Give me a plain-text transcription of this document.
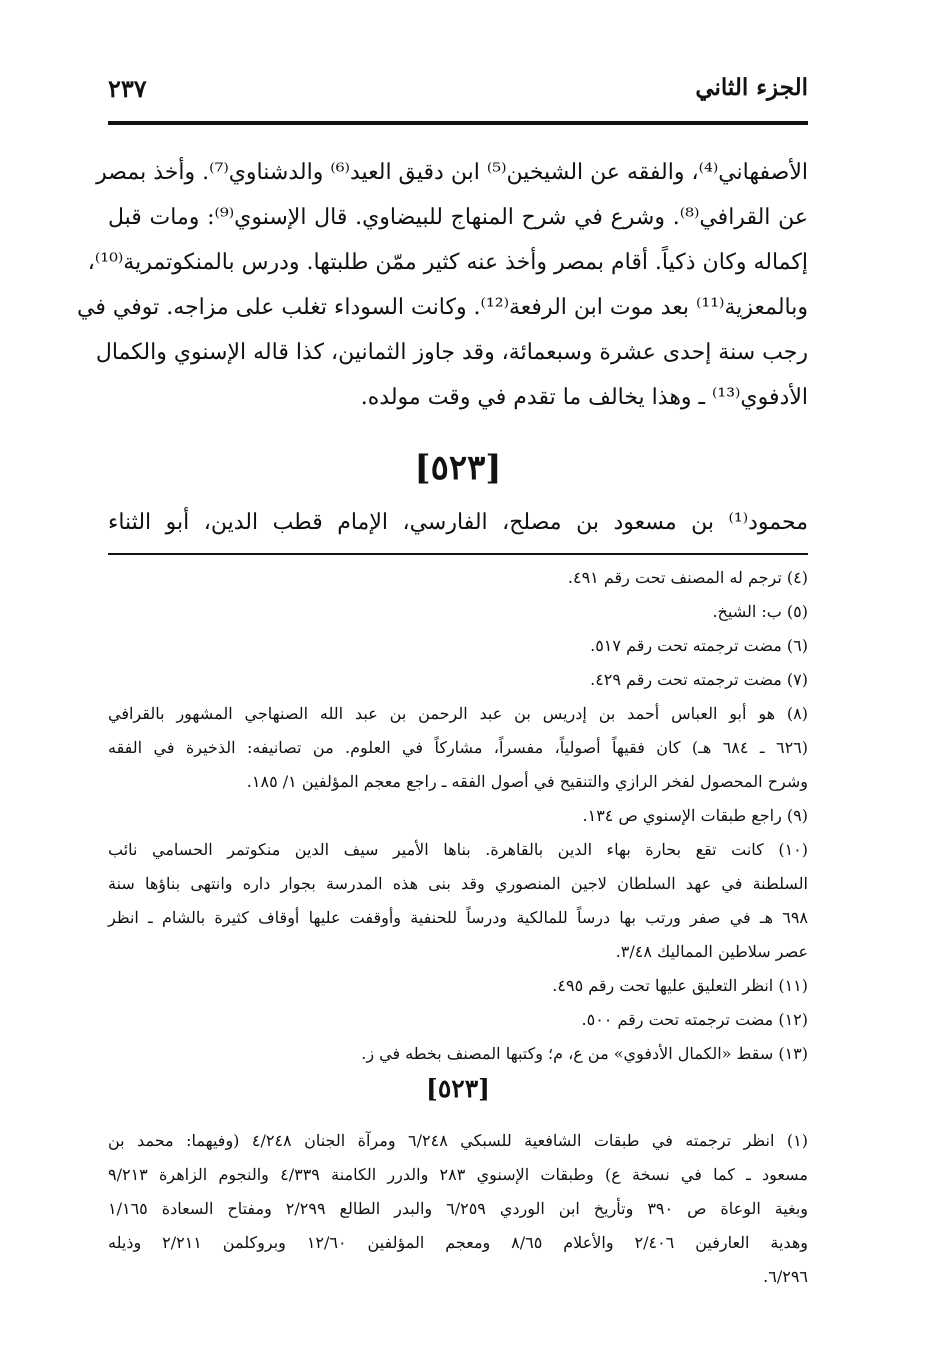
الجزء الثاني
٢٣٧
الأصفهاني⁽⁴⁾، والفقه عن الشيخين⁽⁵⁾ ابن دقيق العيد⁽⁶⁾ والدشناوي⁽⁷⁾. وأخذ بمصر
عن القرافي⁽⁸⁾. وشرع في شرح المنهاج للبيضاوي. قال الإسنوي⁽⁹⁾: ومات قبل
إكماله وكان ذكياً. أقام بمصر وأخذ عنه كثير ممّن طلبتها. ودرس بالمنكوتمرية⁽¹⁰⁾،
وبالمعزية⁽¹¹⁾ بعد موت ابن الرفعة⁽¹²⁾. وكانت السوداء تغلب على مزاجه. توفي في
رجب سنة إحدى عشرة وسبعمائة، وقد جاوز الثمانين، كذا قاله الإسنوي والكمال
الأدفوي⁽¹³⁾ ـ وهذا يخالف ما تقدم في وقت مولده.
[٥٢٣]
محمود⁽¹⁾ بن مسعود بن مصلح، الفارسي، الإمام قطب الدين، أبو الثناء
(٤) ترجم له المصنف تحت رقم ٤٩١.
(٥) ب: الشيخ.
(٦) مضت ترجمته تحت رقم ٥١٧.
(٧) مضت ترجمته تحت رقم ٤٢٩.
(٨) هو أبو العباس أحمد بن إدريس بن عبد الرحمن بن عبد الله الصنهاجي المشهور بالقرافي
(٦٢٦ ـ ٦٨٤ هـ) كان فقيهاً أصولياً، مفسراً، مشاركاً في العلوم. من تصانيفه: الذخيرة في الفقه
وشرح المحصول لفخر الرازي والتنقيح في أصول الفقه ـ راجع معجم المؤلفين ١/ ١٨٥.
(٩) راجع طبقات الإسنوي ص ١٣٤.
(١٠) كانت تقع بحارة بهاء الدين بالقاهرة. بناها الأمير سيف الدين منكوتمر الحسامي نائب
السلطنة في عهد السلطان لاجين المنصوري وقد بنى هذه المدرسة بجوار داره وانتهى بناؤها سنة
٦٩٨ هـ في صفر ورتب بها درساً للمالكية ودرساً للحنفية وأوقفت عليها أوقاف كثيرة بالشام ـ انظر
عصر سلاطين المماليك ٣/٤٨.
(١١) انظر التعليق عليها تحت رقم ٤٩٥.
(١٢) مضت ترجمته تحت رقم ٥٠٠.
(١٣) سقط «الكمال الأدفوي» من ع، م؛ وكتبها المصنف بخطه في ز.
[٥٢٣]
(١) انظر ترجمته في طبقات الشافعية للسبكي ٦/٢٤٨ ومرآة الجنان ٤/٢٤٨ (وفيهما: محمد بن
مسعود ـ كما في نسخة ع) وطبقات الإسنوي ٢٨٣ والدرر الكامنة ٤/٣٣٩ والنجوم الزاهرة ٩/٢١٣
وبغية الوعاة ص ٣٩٠ وتأريخ ابن الوردي ٦/٢٥٩ والبدر الطالع ٢/٢٩٩ ومفتاح السعادة ١/١٦٥
وهدية العارفين ٢/٤٠٦ والأعلام ٨/٦٥ ومعجم المؤلفين ١٢/٦٠ وبروكلمن ٢/٢١١ وذيله
٦/٢٩٦.
